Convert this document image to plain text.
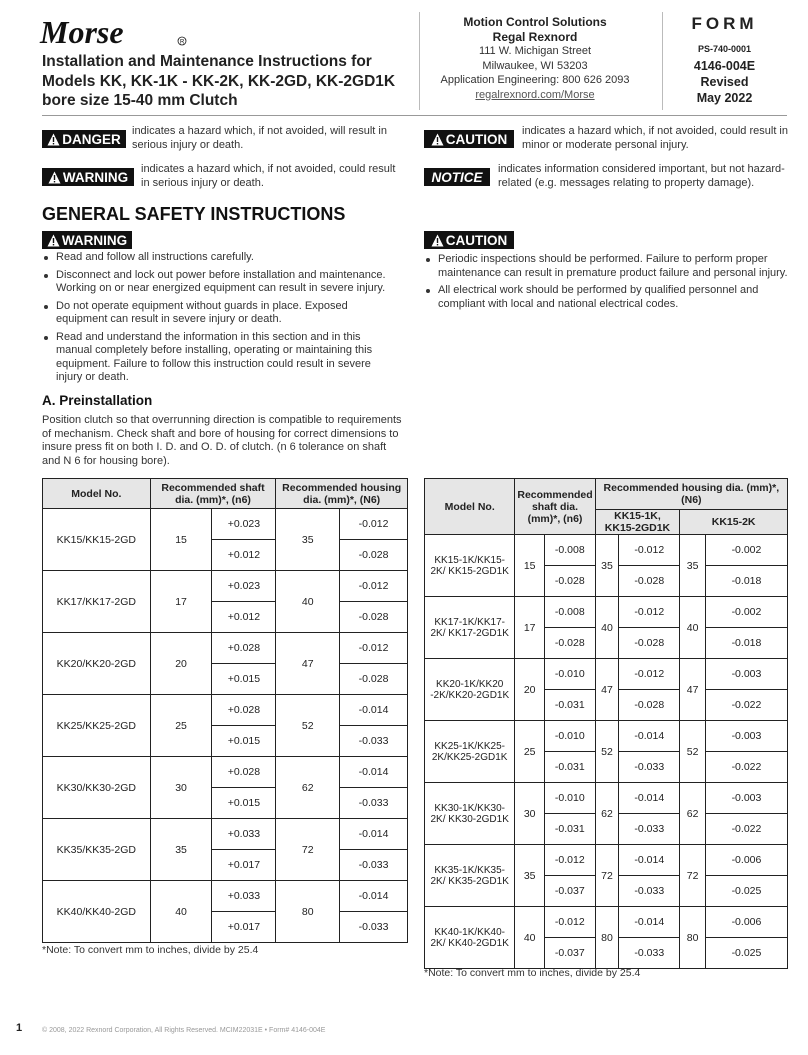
Morse	R
Installation and Maintenance Instructions for
Models KK, KK-1K - KK-2K, KK-2GD, KK-2GD1K
bore size 15-40 mm Clutch
Motion Control Solutions
Regal Rexnord
111 W. Michigan Street
Milwaukee, WI 53203
Application Engineering: 800 626 2093
regalrexnord.com/Morse
FORM
PS-740-0001
4146-004E
Revised
May 2022
DANGER
indicates a hazard which, if not avoided, will result in serious injury or death.
WARNING
indicates a hazard which, if not avoided, could result in serious injury or death.
CAUTION
indicates a hazard which, if not avoided, could result in minor or moderate personal injury.
NOTICE
indicates information considered important, but not hazard-related (e.g. messages relating to property damage).
GENERAL SAFETY INSTRUCTIONS
WARNING
Read and follow all instructions carefully.
Disconnect and lock out power before installation and maintenance. Working on or near energized equipment can result in severe injury.
Do not operate equipment without guards in place. Exposed equipment can result in severe injury or death.
Read and understand the information in this section and in this manual completely before installing, operating or maintaining this equipment. Failure to follow this instruction could result in severe injury or death.
CAUTION
Periodic inspections should be performed. Failure to perform proper maintenance can result in premature product failure and personal injury.
All electrical work should be performed by qualified personnel and compliant with local and national electrical codes.
A. Preinstallation
Position clutch so that overrunning direction is compatible to requirements of mechanism. Check shaft and bore of housing for correct dimensions to insure press fit on both I. D. and O. D. of clutch. (n 6 tolerance on shaft and N 6 for housing bore).
Model No.	Recommended shaft dia. (mm)*, (n6)		Recommended housing dia. (mm)*, (N6)	
KK15/KK15-2GD	15	+0.023	35	-0.012
		+0.012		-0.028
KK17/KK17-2GD	17	+0.023	40	-0.012
		+0.012		-0.028
KK20/KK20-2GD	20	+0.028	47	-0.012
		+0.015		-0.028
KK25/KK25-2GD	25	+0.028	52	-0.014
		+0.015		-0.033
KK30/KK30-2GD	30	+0.028	62	-0.014
		+0.015		-0.033
KK35/KK35-2GD	35	+0.033	72	-0.014
		+0.017		-0.033
KK40/KK40-2GD	40	+0.033	80	-0.014
		+0.017		-0.033
*Note: To convert mm to inches, divide by 25.4
Model No.	Recommended shaft dia. (mm)*, (n6)		Recommended housing dia. (mm)*, (N6)			
			KK15-1K, KK15-2GD1K		KK15-2K	
KK15-1K/KK15-2K/ KK15-2GD1K	15	-0.008	35	-0.012	35	-0.002
		-0.028		-0.028		-0.018
KK17-1K/KK17-2K/ KK17-2GD1K	17	-0.008	40	-0.012	40	-0.002
		-0.028		-0.028		-0.018
KK20-1K/KK20 -2K/KK20-2GD1K	20	-0.010	47	-0.012	47	-0.003
		-0.031		-0.028		-0.022
KK25-1K/KK25- 2K/KK25-2GD1K	25	-0.010	52	-0.014	52	-0.003
		-0.031		-0.033		-0.022
KK30-1K/KK30-2K/ KK30-2GD1K	30	-0.010	62	-0.014	62	-0.003
		-0.031		-0.033		-0.022
KK35-1K/KK35-2K/ KK35-2GD1K	35	-0.012	72	-0.014	72	-0.006
		-0.037		-0.033		-0.025
KK40-1K/KK40-2K/ KK40-2GD1K	40	-0.012	80	-0.014	80	-0.006
		-0.037		-0.033		-0.025
*Note: To convert mm to inches, divide by 25.4
1	© 2008, 2022 Rexnord Corporation, All Rights Reserved. MCIM22031E • Form# 4146-004E
